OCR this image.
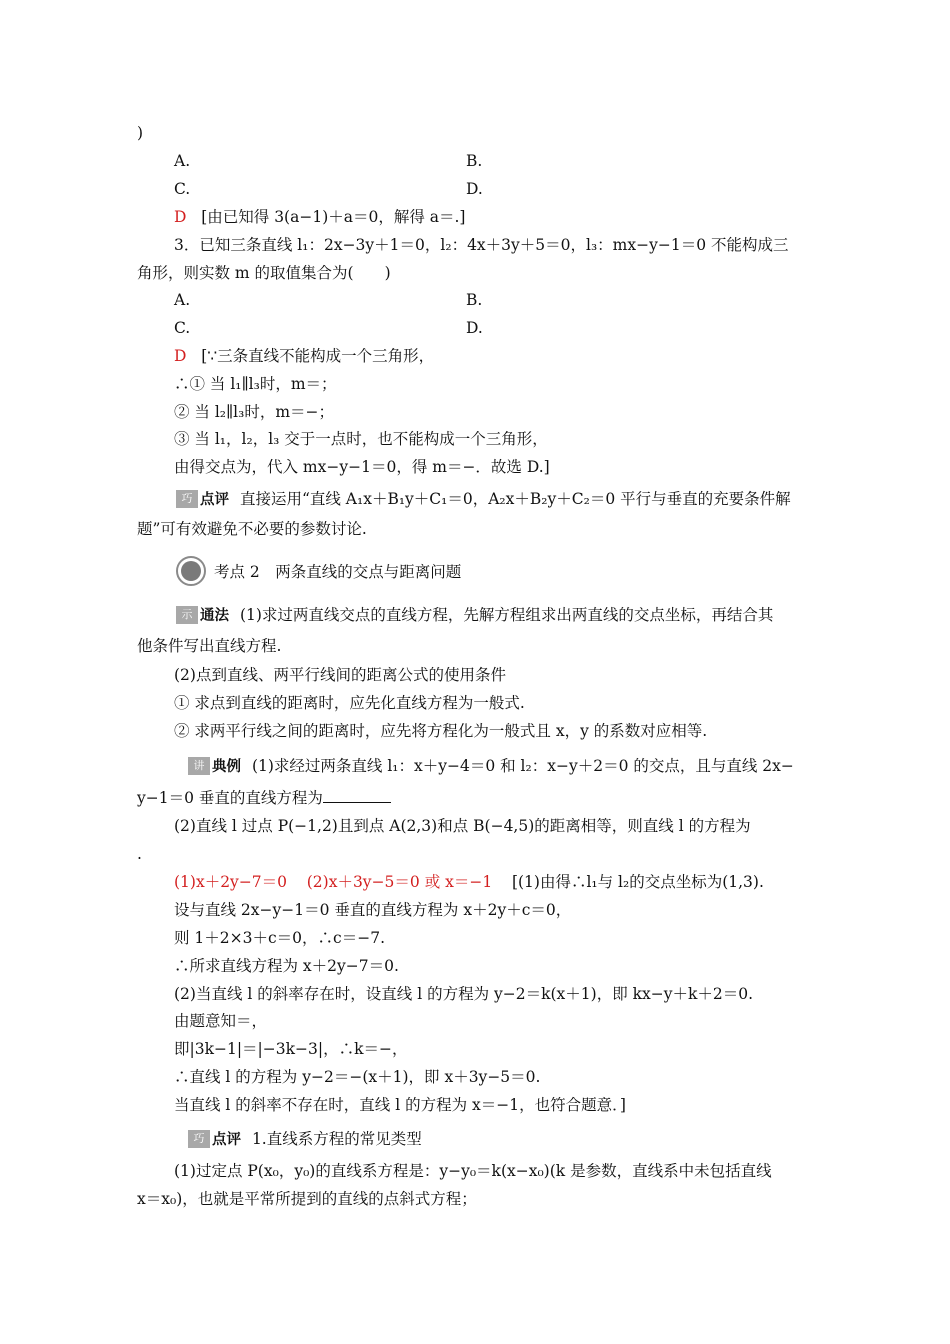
)
A.	B.
C.	D.
D [由已知得 3(a−1)＋a＝0，解得 a＝.]
3．已知三条直线 l₁：2x−3y＋1＝0，l₂：4x＋3y＋5＝0，l₃：mx−y−1＝0 不能构成三
角形，则实数 m 的取值集合为(　　)
A.	B.
C.	D.
D [∵三条直线不能构成一个三角形，
∴① 当 l₁∥l₃时，m＝；
② 当 l₂∥l₃时，m＝−；
③ 当 l₁，l₂，l₃ 交于一点时，也不能构成一个三角形，
由得交点为，代入 mx−y−1＝0，得 m＝−．故选 D.]
巧 点评 直接运用“直线 A₁x＋B₁y＋C₁＝0，A₂x＋B₂y＋C₂＝0 平行与垂直的充要条件解
题”可有效避免不必要的参数讨论.
考点 2　两条直线的交点与距离问题
示 通法 (1)求过两直线交点的直线方程，先解方程组求出两直线的交点坐标，再结合其
他条件写出直线方程.
(2)点到直线、两平行线间的距离公式的使用条件
① 求点到直线的距离时，应先化直线方程为一般式.
② 求两平行线之间的距离时，应先将方程化为一般式且 x，y 的系数对应相等.
讲 典例 (1)求经过两条直线 l₁：x＋y−4＝0 和 l₂：x−y＋2＝0 的交点，且与直线 2x−
y−1＝0 垂直的直线方程为
(2)直线 l 过点 P(−1,2)且到点 A(2,3)和点 B(−4,5)的距离相等，则直线 l 的方程为
.
(1)x＋2y−7＝0 (2)x＋3y−5＝0 或 x＝−1 [(1)由得∴l₁与 l₂的交点坐标为(1,3).
设与直线 2x−y−1＝0 垂直的直线方程为 x＋2y＋c＝0，
则 1＋2×3＋c＝0，∴c＝−7.
∴所求直线方程为 x＋2y−7＝0.
(2)当直线 l 的斜率存在时，设直线 l 的方程为 y−2＝k(x＋1)，即 kx−y＋k＋2＝0.
由题意知＝，
即|3k−1|＝|−3k−3|，∴k＝−，
∴直线 l 的方程为 y−2＝−(x＋1)，即 x＋3y−5＝0.
当直线 l 的斜率不存在时，直线 l 的方程为 x＝−1，也符合题意．]
巧 点评 1.直线系方程的常见类型
(1)过定点 P(x₀，y₀)的直线系方程是：y−y₀＝k(x−x₀)(k 是参数，直线系中未包括直线
x＝x₀)，也就是平常所提到的直线的点斜式方程；
